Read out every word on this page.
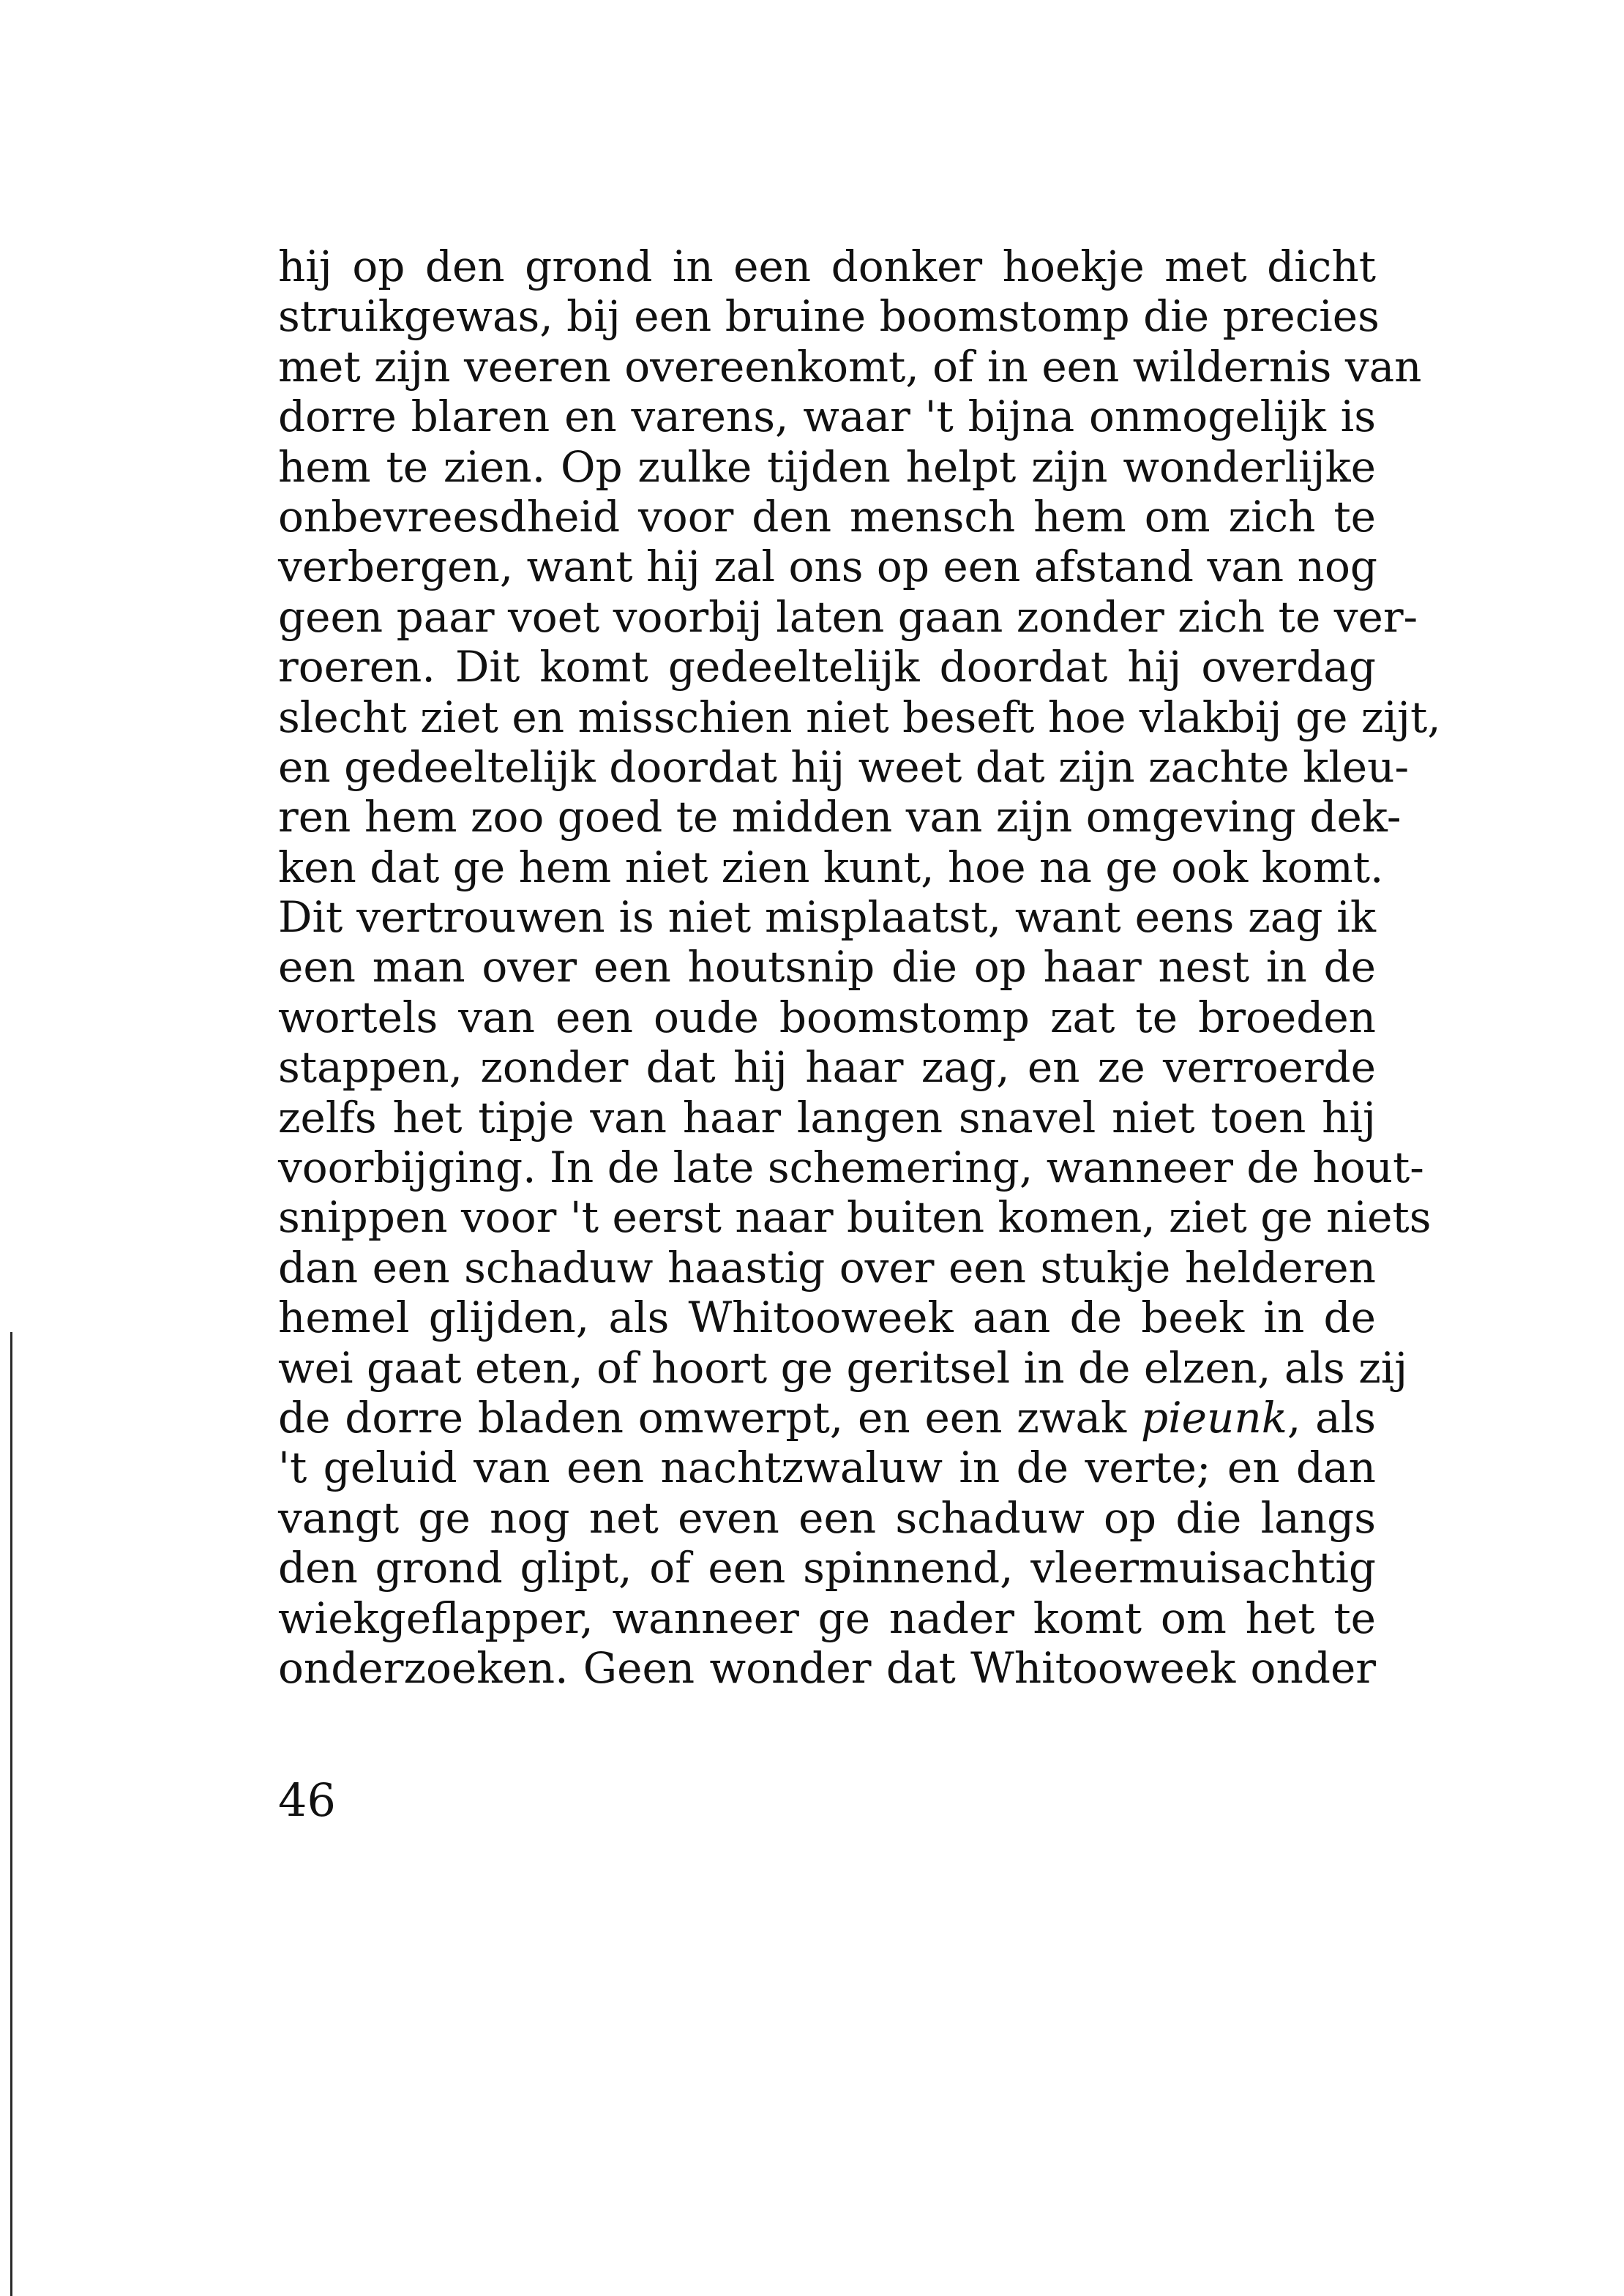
hij op den grond in een donker hoekje met dicht
struikgewas, bij een bruine boomstomp die precies
met zijn veeren overeenkomt, of in een wildernis van
dorre blaren en varens, waar 't bijna onmogelijk is
hem te zien. Op zulke tijden helpt zijn wonderlijke
onbevreesdheid voor den mensch hem om zich te
verbergen, want hij zal ons op een afstand van nog
geen paar voet voorbij laten gaan zonder zich te ver-
roeren. Dit komt gedeeltelijk doordat hij overdag
slecht ziet en misschien niet beseft hoe vlakbij ge zijt,
en gedeeltelijk doordat hij weet dat zijn zachte kleu-
ren hem zoo goed te midden van zijn omgeving dek-
ken dat ge hem niet zien kunt, hoe na ge ook komt.
Dit vertrouwen is niet misplaatst, want eens zag ik
een man over een houtsnip die op haar nest in de
wortels van een oude boomstomp zat te broeden
stappen, zonder dat hij haar zag, en ze verroerde
zelfs het tipje van haar langen snavel niet toen hij
voorbijging. In de late schemering, wanneer de hout-
snippen voor 't eerst naar buiten komen, ziet ge niets
dan een schaduw haastig over een stukje helderen
hemel glijden, als Whitooweek aan de beek in de
wei gaat eten, of hoort ge geritsel in de elzen, als zij
de dorre bladen omwerpt, en een zwak pieunk, als
't geluid van een nachtzwaluw in de verte; en dan
vangt ge nog net even een schaduw op die langs
den grond glipt, of een spinnend, vleermuisachtig
wiekgeflapper, wanneer ge nader komt om het te
onderzoeken. Geen wonder dat Whitooweek onder
46
